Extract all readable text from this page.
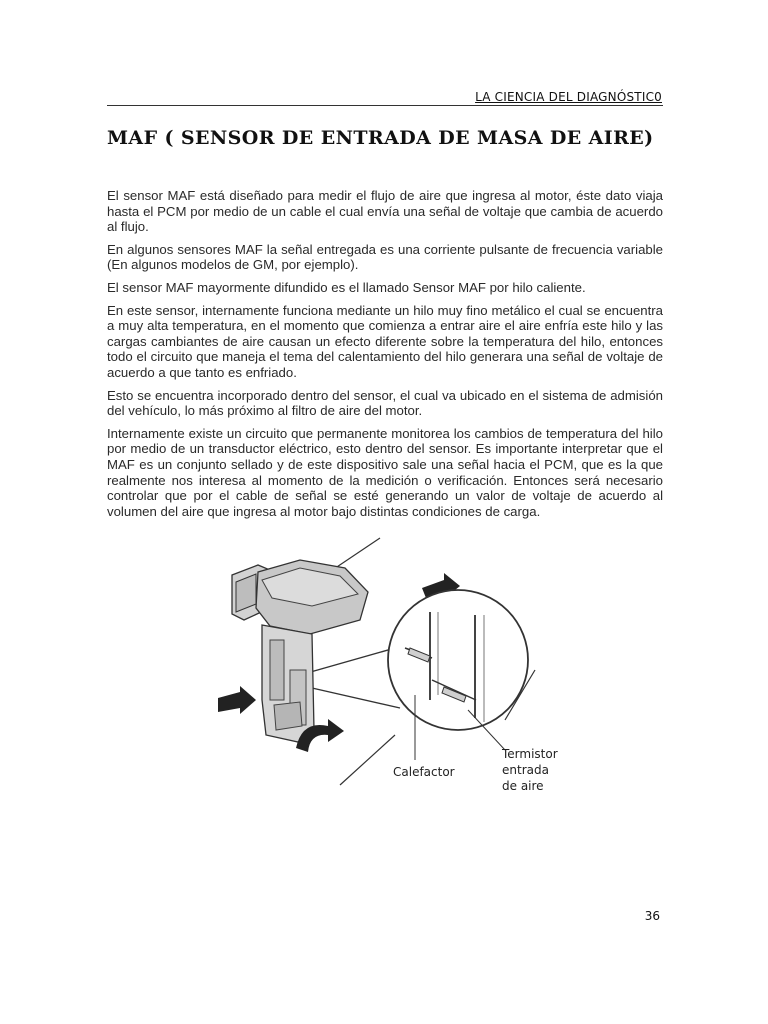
LA CIENCIA DEL DIAGNÓSTIC0
MAF ( SENSOR DE ENTRADA DE MASA DE AIRE)

El sensor MAF está diseñado para medir el flujo de aire que ingresa al motor, éste dato viaja hasta el PCM por medio de un cable el cual envía una señal de voltaje que cambia de acuerdo al flujo.

En algunos sensores MAF la señal entregada es una corriente pulsante de frecuencia variable (En algunos modelos de GM, por ejemplo).

El sensor MAF mayormente difundido es el llamado Sensor MAF por hilo caliente.

En este sensor, internamente funciona mediante un hilo muy fino metálico el cual se encuentra a muy alta temperatura, en el momento que comienza a entrar aire el aire enfría este hilo y las cargas cambiantes de aire causan un efecto diferente sobre la temperatura del hilo, entonces todo el circuito que maneja el tema del calentamiento del hilo generara una señal de voltaje de acuerdo a que tanto es enfriado.

Esto se encuentra incorporado dentro del sensor, el cual va ubicado en el sistema de admisión del vehículo, lo más próximo al filtro de aire del motor.

Internamente existe un circuito que permanente monitorea los cambios de temperatura del hilo por medio de un transductor eléctrico, esto dentro del sensor. Es importante interpretar que el MAF es un conjunto sellado y de este dispositivo sale una señal hacia el PCM, que es la que realmente nos interesa al momento de la medición o verificación. Entonces será necesario controlar que por el cable de señal se esté generando un valor de voltaje de acuerdo al volumen del aire que ingresa al motor bajo distintas condiciones de carga.

Calefactor
Termistor
entrada
de aire
36
